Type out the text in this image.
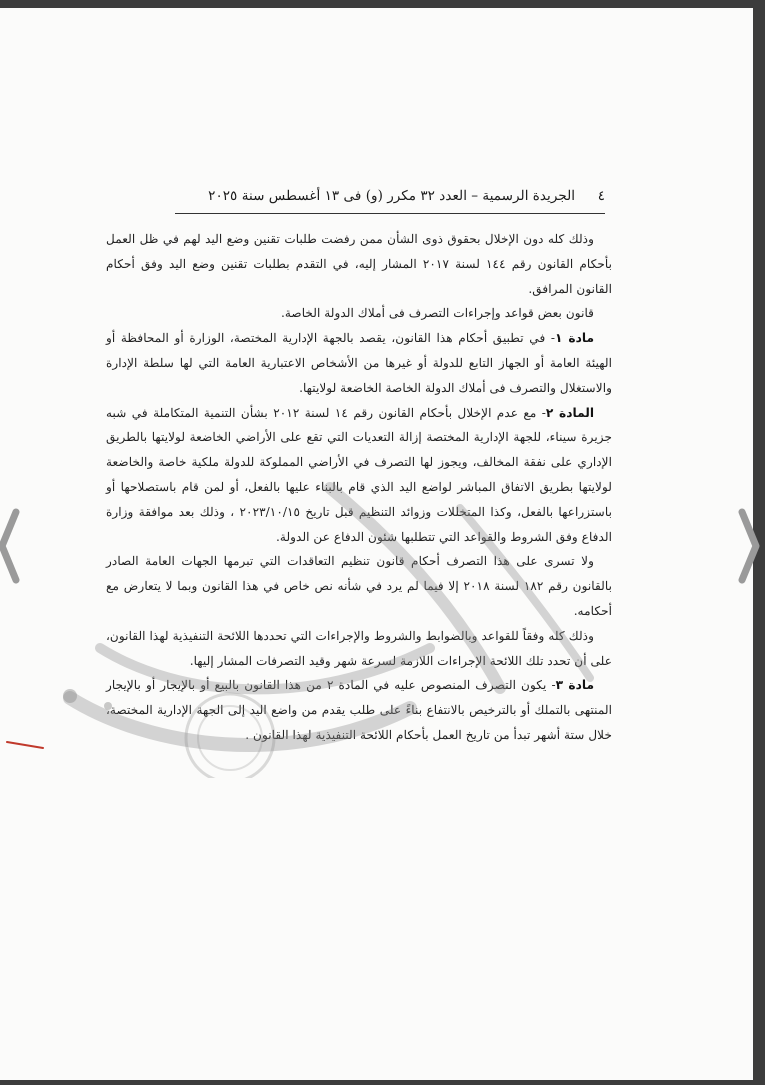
٤  الجريدة الرسمية – العدد ٣٢ مكرر (و) فى ١٣ أغسطس سنة ٢٠٢٥

وذلك كله دون الإخلال بحقوق ذوى الشأن ممن رفضت طلبات تقنين وضع اليد لهم في ظل العمل بأحكام القانون رقم ١٤٤ لسنة ٢٠١٧ المشار إليه، في التقدم بطلبات تقنين وضع اليد وفق أحكام القانون المرافق.

قانون بعض قواعد وإجراءات التصرف فى أملاك الدولة الخاصة.

مادة ١- في تطبيق أحكام هذا القانون، يقصد بالجهة الإدارية المختصة، الوزارة أو المحافظة أو الهيئة العامة أو الجهاز التابع للدولة أو غيرها من الأشخاص الاعتبارية العامة التي لها سلطة الإدارة والاستغلال والتصرف فى أملاك الدولة الخاصة الخاضعة لولايتها.

المادة ٢- مع عدم الإخلال بأحكام القانون رقم ١٤ لسنة ٢٠١٢ بشأن التنمية المتكاملة في شبه جزيرة سيناء، للجهة الإدارية المختصة إزالة التعديات التي تقع على الأراضي الخاضعة لولايتها بالطريق الإداري على نفقة المخالف، ويجوز لها التصرف في الأراضي المملوكة للدولة ملكية خاصة والخاضعة لولايتها بطريق الاتفاق المباشر لواضع اليد الذي قام بالبناء عليها بالفعل، أو لمن قام باستصلاحها أو باستزراعها بالفعل، وكذا المتخللات وزوائد التنظيم قبل تاريخ ٢٠٢٣/١٠/١٥ ، وذلك بعد موافقة وزارة الدفاع وفق الشروط والقواعد التي تتطلبها شئون الدفاع عن الدولة.

ولا تسرى على هذا التصرف أحكام قانون تنظيم التعاقدات التي تبرمها الجهات العامة الصادر بالقانون رقم ١٨٢ لسنة ٢٠١٨ إلا فيما لم يرد في شأنه نص خاص في هذا القانون وبما لا يتعارض مع أحكامه.

وذلك كله وفقاً للقواعد وبالضوابط والشروط والإجراءات التي تحددها اللائحة التنفيذية لهذا القانون، على أن تحدد تلك اللائحة الإجراءات اللازمة لسرعة شهر وقيد التصرفات المشار إليها.

مادة ٣- يكون التصرف المنصوص عليه في المادة ٢ من هذا القانون بالبيع أو بالإيجار أو بالإيجار المنتهى بالتملك أو بالترخيص بالانتفاع بناءً على طلب يقدم من واضع اليد إلى الجهة الإدارية المختصة، خلال ستة أشهر تبدأ من تاريخ العمل بأحكام اللائحة التنفيذية لهذا القانون .
